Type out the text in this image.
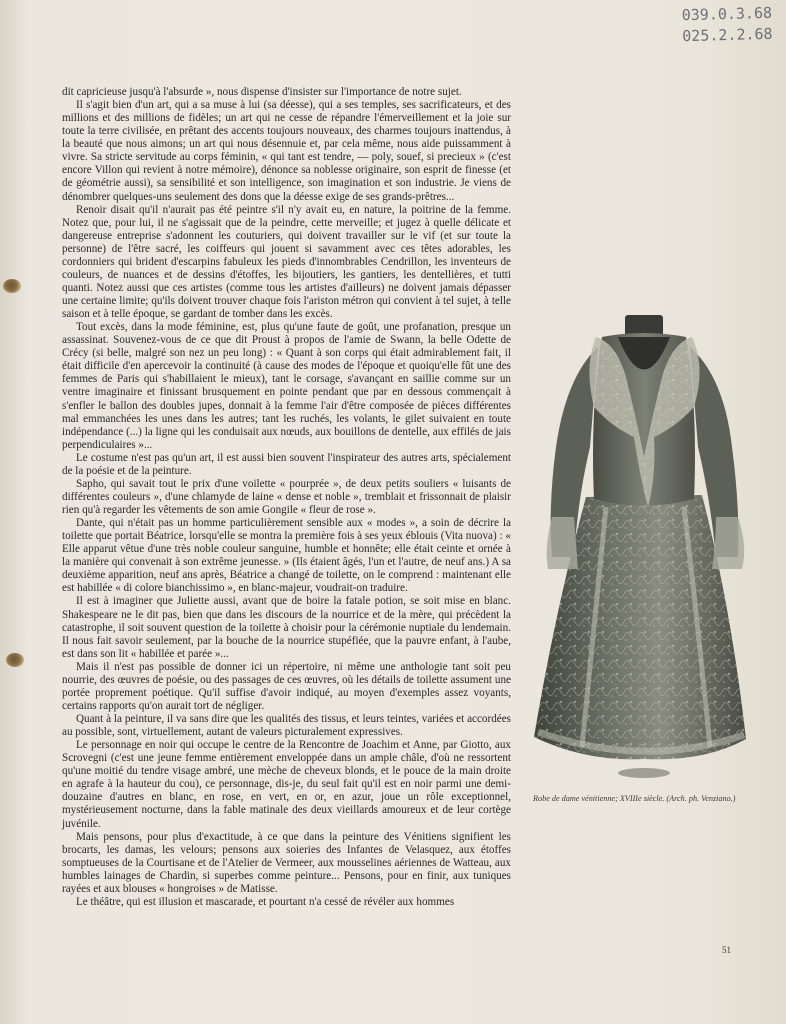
039.0.3.68
025.2.2.68

dit capricieuse jusqu'à l'absurde », nous dispense d'insister sur l'importance de notre sujet.

Il s'agit bien d'un art, qui a sa muse à lui (sa déesse), qui a ses temples, ses sacrificateurs, et des millions et des millions de fidèles; un art qui ne cesse de répandre l'émerveillement et la joie sur toute la terre civilisée, en prêtant des accents toujours nouveaux, des charmes toujours inattendus, à la beauté que nous aimons; un art qui nous désennuie et, par cela même, nous aide puissamment à vivre. Sa stricte servitude au corps féminin, « qui tant est tendre, — poly, souef, si precieux » (c'est encore Villon qui revient à notre mémoire), dénonce sa noblesse originaire, son esprit de finesse (et de géométrie aussi), sa sensibilité et son intelligence, son imagination et son industrie. Je viens de dénombrer quelques-uns seulement des dons que la déesse exige de ses grands-prêtres...

Renoir disait qu'il n'aurait pas été peintre s'il n'y avait eu, en nature, la poitrine de la femme. Notez que, pour lui, il ne s'agissait que de la peindre, cette merveille; et jugez à quelle délicate et dangereuse entreprise s'adonnent les couturiers, qui doivent travailler sur le vif (et sur toute la personne) de l'être sacré, les coiffeurs qui jouent si savamment avec ces têtes adorables, les cordonniers qui brident d'escarpins fabuleux les pieds d'innombrables Cendrillon, les inventeurs de couleurs, de nuances et de dessins d'étoffes, les bijoutiers, les gantiers, les dentellières, et tutti quanti. Notez aussi que ces artistes (comme tous les artistes d'ailleurs) ne doivent jamais dépasser une certaine limite; qu'ils doivent trouver chaque fois l'ariston métron qui convient à tel sujet, à telle saison et à telle époque, se gardant de tomber dans les excès.

Tout excès, dans la mode féminine, est, plus qu'une faute de goût, une profanation, presque un assassinat. Souvenez-vous de ce que dit Proust à propos de l'amie de Swann, la belle Odette de Crécy (si belle, malgré son nez un peu long) : « Quant à son corps qui était admirablement fait, il était difficile d'en apercevoir la continuité (à cause des modes de l'époque et quoiqu'elle fût une des femmes de Paris qui s'habillaient le mieux), tant le corsage, s'avançant en saillie comme sur un ventre imaginaire et finissant brusquement en pointe pendant que par en dessous commençait à s'enfler le ballon des doubles jupes, donnait à la femme l'air d'être composée de pièces différentes mal emmanchées les unes dans les autres; tant les ruchés, les volants, le gilet suivaient en toute indépendance (...) la ligne qui les conduisait aux nœuds, aux bouillons de dentelle, aux effilés de jais perpendiculaires »...

Le costume n'est pas qu'un art, il est aussi bien souvent l'inspirateur des autres arts, spécialement de la poésie et de la peinture.

Sapho, qui savait tout le prix d'une voilette « pourprée », de deux petits souliers « luisants de différentes couleurs », d'une chlamyde de laine « dense et noble », tremblait et frissonnait de plaisir rien qu'à regarder les vêtements de son amie Gongile « fleur de rose ».

Dante, qui n'était pas un homme particulièrement sensible aux « modes », a soin de décrire la toilette que portait Béatrice, lorsqu'elle se montra la première fois à ses yeux éblouis (Vita nuova) : « Elle apparut vêtue d'une très noble couleur sanguine, humble et honnête; elle était ceinte et ornée à la manière qui convenait à son extrême jeunesse. » (Ils étaient âgés, l'un et l'autre, de neuf ans.) A sa deuxième apparition, neuf ans après, Béatrice a changé de toilette, on le comprend : maintenant elle est habillée « di colore bianchissimo », en blanc-majeur, voudrait-on traduire.

Il est à imaginer que Juliette aussi, avant que de boire la fatale potion, se soit mise en blanc. Shakespeare ne le dit pas, bien que dans les discours de la nourrice et de la mère, qui précèdent la catastrophe, il soit souvent question de la toilette à choisir pour la cérémonie nuptiale du lendemain. Il nous fait savoir seulement, par la bouche de la nourrice stupéfiée, que la pauvre enfant, à l'aube, est dans son lit « habillée et parée »...

Mais il n'est pas possible de donner ici un répertoire, ni même une anthologie tant soit peu nourrie, des œuvres de poésie, ou des passages de ces œuvres, où les détails de toilette assument une portée proprement poétique. Qu'il suffise d'avoir indiqué, au moyen d'exemples assez voyants, certains rapports qu'on aurait tort de négliger.

Quant à la peinture, il va sans dire que les qualités des tissus, et leurs teintes, variées et accordées au possible, sont, virtuellement, autant de valeurs picturalement expressives.

Le personnage en noir qui occupe le centre de la Rencontre de Joachim et Anne, par Giotto, aux Scrovegni (c'est une jeune femme entièrement enveloppée dans un ample châle, d'où ne ressortent qu'une moitié du tendre visage ambré, une mèche de cheveux blonds, et le pouce de la main droite en agrafe à la hauteur du cou), ce personnage, dis-je, du seul fait qu'il est en noir parmi une demi-douzaine d'autres en blanc, en rose, en vert, en or, en azur, joue un rôle exceptionnel, mystérieusement nocturne, dans la fable matinale des deux vieillards amoureux et de leur cortège juvénile.

Mais pensons, pour plus d'exactitude, à ce que dans la peinture des Vénitiens signifient les brocarts, les damas, les velours; pensons aux soieries des Infantes de Velasquez, aux étoffes somptueuses de la Courtisane et de l'Atelier de Vermeer, aux mousselines aériennes de Watteau, aux humbles lainages de Chardin, si superbes comme peinture... Pensons, pour en finir, aux tuniques rayées et aux blouses « hongroises » de Matisse.

Le théâtre, qui est illusion et mascarade, et pourtant n'a cessé de révéler aux hommes

Robe de dame vénitienne; XVIIIe siècle. (Arch. ph. Venziano.)
51
